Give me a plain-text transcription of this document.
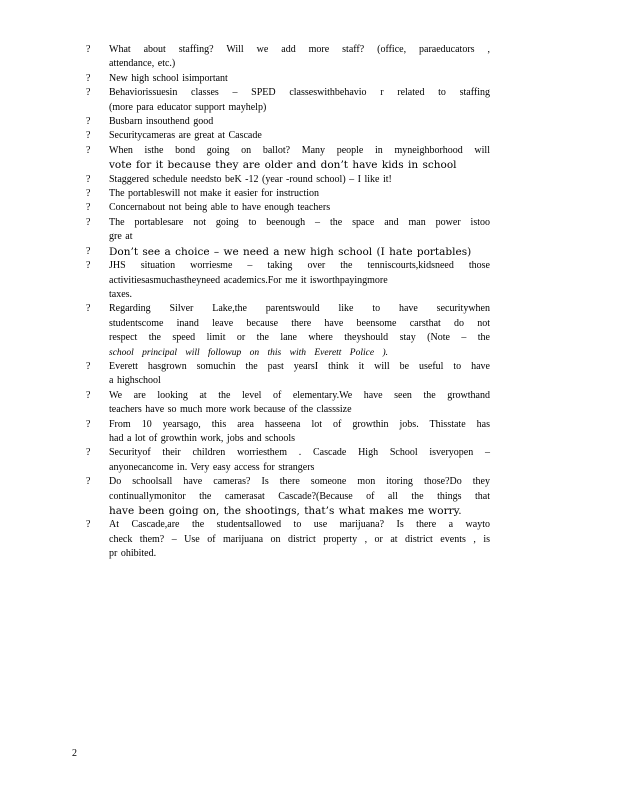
?	What about staffing? Will we add more staff? (office, paraeducators ,
attendance, etc.)
?	New high school isimportant
?	Behaviorissuesin classes – SPED classeswithbehavio r related to staffing
(more para educator support mayhelp)
?	Busbarn insouthend good
?	Securitycameras are great at Cascade
?	When isthe bond going on ballot? Many people in myneighborhood will
vote for it because they are older and don’t have kids in school
?	Staggered schedule needsto beK -12 (year -round school) – I like it!
?	The portableswill not make it easier for instruction
?	Concernabout not being able to have enough teachers
?	The portablesare not going to beenough – the space and man power istoo
gre at
?	Don’t see a choice – we need a new high school (I hate portables)
?	JHS situation worriesme – taking over the tenniscourts,kidsneed those
activitiesasmuchastheyneed academics.For me it isworthpayingmore
taxes.
?	Regarding Silver Lake,the parentswould like to have securitywhen
studentscome inand leave because there have beensome carsthat do not
respect the speed limit or the lane where theyshould stay (Note – the
school principal will followup on this with Everett Police ).
?	Everett hasgrown somuchin the past yearsI think it will be useful to have
a highschool
?	We are looking at the level of elementary.We have seen the growthand
teachers have so much more work because of the classsize
?	From 10 yearsago, this area hasseena lot of growthin jobs. Thisstate has
had a lot of growthin work, jobs and schools
?	Securityof their children worriesthem . Cascade High School isveryopen –
anyonecancome in. Very easy access for strangers
?	Do schoolsall have cameras? Is there someone mon itoring those?Do they
continuallymonitor the camerasat Cascade?(Because of all the things that
have been going on, the shootings, that’s what makes me worry.
?	At Cascade,are the studentsallowed to use marijuana? Is there a wayto
check them? – Use of marijuana on district property , or at district events , is
pr ohibited.
2
